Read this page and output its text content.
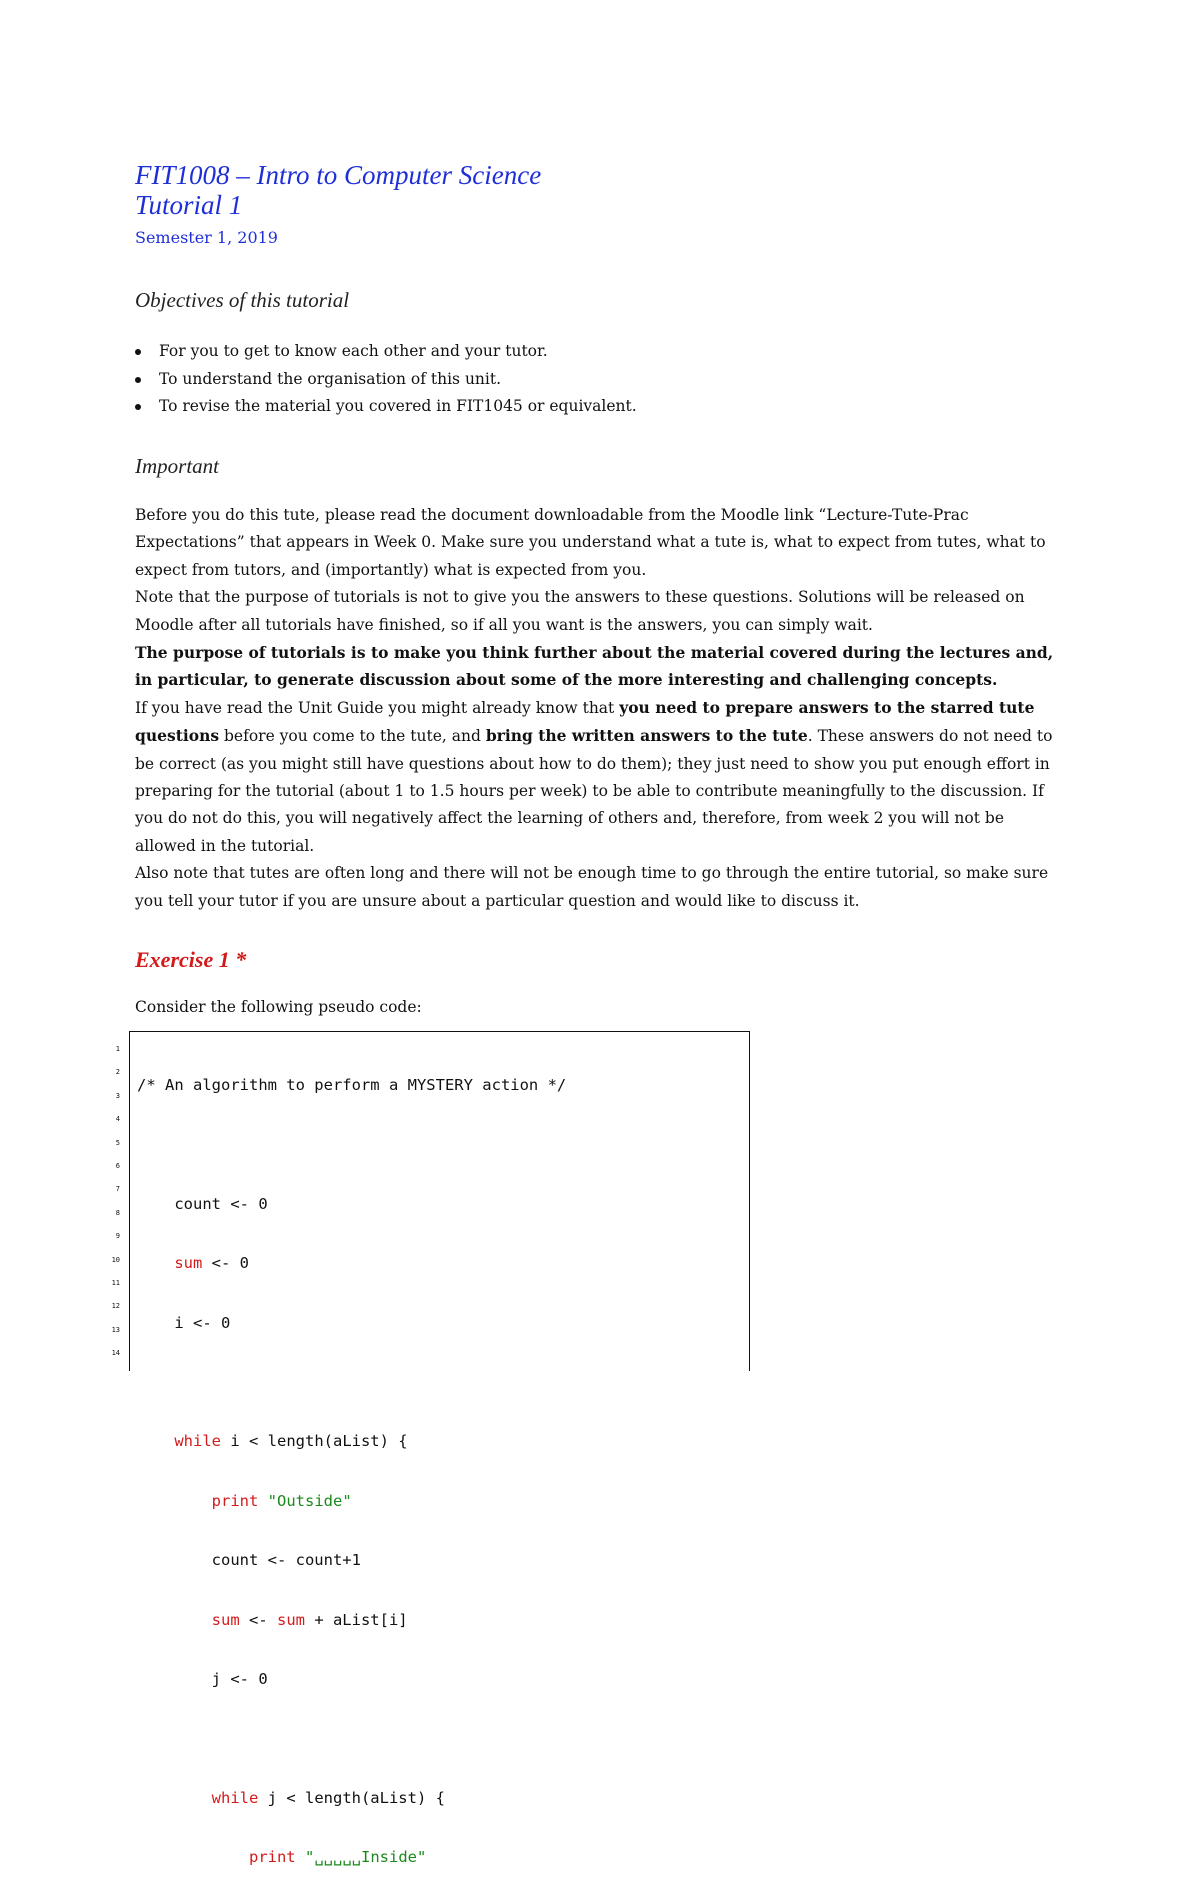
FIT1008 – Intro to Computer Science

Tutorial 1

Semester 1, 2019

Objectives of this tutorial

For you to get to know each other and your tutor.
To understand the organisation of this unit.
To revise the material you covered in FIT1045 or equivalent.

Important

Before you do this tute, please read the document downloadable from the Moodle link “Lecture-Tute-Prac Expectations” that appears in Week 0. Make sure you understand what a tute is, what to expect from tutes, what to expect from tutors, and (importantly) what is expected from you.

Note that the purpose of tutorials is not to give you the answers to these questions. Solutions will be released on Moodle after all tutorials have finished, so if all you want is the answers, you can simply wait.

The purpose of tutorials is to make you think further about the material covered during the lectures and, in particular, to generate discussion about some of the more interesting and challenging concepts.

If you have read the Unit Guide you might already know that you need to prepare answers to the starred tute questions before you come to the tute, and bring the written answers to the tute. These answers do not need to be correct (as you might still have questions about how to do them); they just need to show you put enough effort in preparing for the tutorial (about 1 to 1.5 hours per week) to be able to contribute meaningfully to the discussion. If you do not do this, you will negatively affect the learning of others and, therefore, from week 2 you will not be allowed in the tutorial.

Also note that tutes are often long and there will not be enough time to go through the entire tutorial, so make sure you tell your tutor if you are unsure about a particular question and would like to discuss it.

Exercise 1 *

Consider the following pseudo code:

1
2
3
4
5
6
7
8
9
10
11
12
13
14

/* An algorithm to perform a MYSTERY action */

count <- 0

sum <- 0

i <- 0

while i < length(aList) {

print "Outside"

count <- count+1

sum <- sum + aList[i]

j <- 0

while j < length(aList) {

print "␣␣␣␣␣Inside"
